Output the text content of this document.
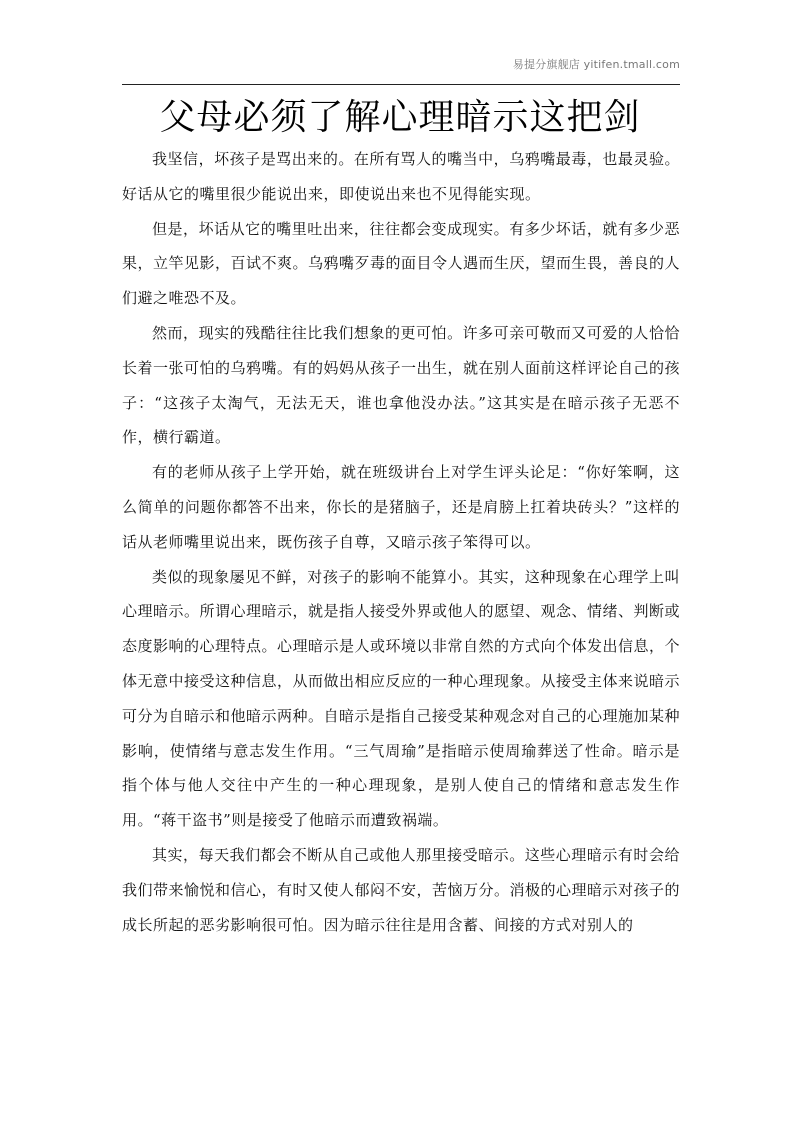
易提分旗舰店 yitifen.tmall.com
父母必须了解心理暗示这把剑

我坚信，坏孩子是骂出来的。在所有骂人的嘴当中，乌鸦嘴最毒，也最灵验。好话从它的嘴里很少能说出来，即使说出来也不见得能实现。

但是，坏话从它的嘴里吐出来，往往都会变成现实。有多少坏话，就有多少恶果，立竿见影，百试不爽。乌鸦嘴歹毒的面目令人遇而生厌，望而生畏，善良的人们避之唯恐不及。

然而，现实的残酷往往比我们想象的更可怕。许多可亲可敬而又可爱的人恰恰长着一张可怕的乌鸦嘴。有的妈妈从孩子一出生，就在别人面前这样评论自己的孩子：“这孩子太淘气，无法无天，谁也拿他没办法。”这其实是在暗示孩子无恶不作，横行霸道。

有的老师从孩子上学开始，就在班级讲台上对学生评头论足：“你好笨啊，这么简单的问题你都答不出来，你长的是猪脑子，还是肩膀上扛着块砖头？”这样的话从老师嘴里说出来，既伤孩子自尊，又暗示孩子笨得可以。

类似的现象屡见不鲜，对孩子的影响不能算小。其实，这种现象在心理学上叫心理暗示。所谓心理暗示，就是指人接受外界或他人的愿望、观念、情绪、判断或态度影响的心理特点。心理暗示是人或环境以非常自然的方式向个体发出信息，个体无意中接受这种信息，从而做出相应反应的一种心理现象。从接受主体来说暗示可分为自暗示和他暗示两种。自暗示是指自己接受某种观念对自己的心理施加某种影响，使情绪与意志发生作用。“三气周瑜”是指暗示使周瑜葬送了性命。暗示是指个体与他人交往中产生的一种心理现象，是别人使自己的情绪和意志发生作用。“蒋干盗书”则是接受了他暗示而遭致祸端。

其实，每天我们都会不断从自己或他人那里接受暗示。这些心理暗示有时会给我们带来愉悦和信心，有时又使人郁闷不安，苦恼万分。消极的心理暗示对孩子的成长所起的恶劣影响很可怕。因为暗示往往是用含蓄、间接的方式对别人的
